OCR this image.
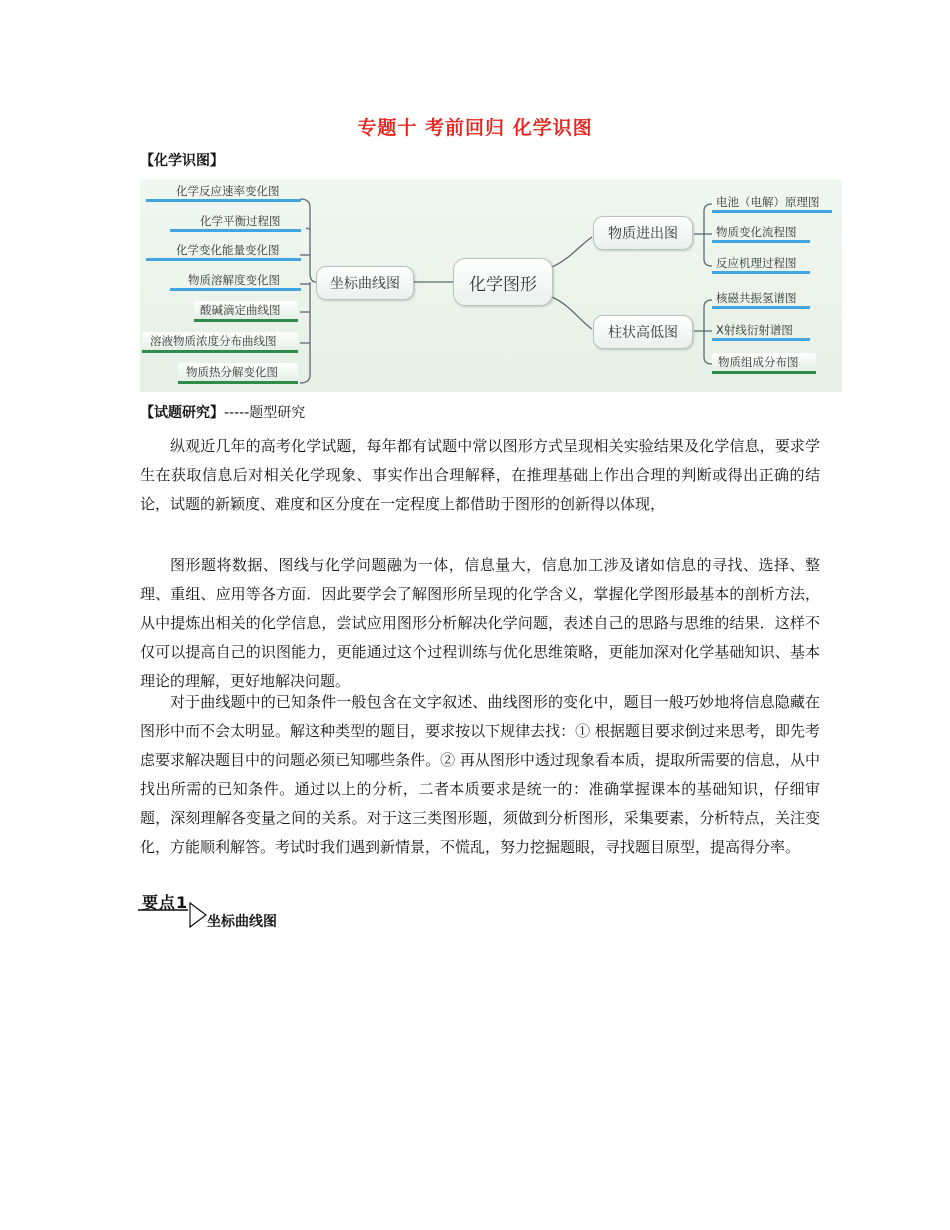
专题十 考前回归 化学识图
【化学识图】
化学图形
坐标曲线图
物质进出图
柱状高低图
化学反应速率变化图
化学平衡过程图
化学变化能量变化图
物质溶解度变化图
酸碱滴定曲线图
溶液物质浓度分布曲线图
物质热分解变化图
电池（电解）原理图
物质变化流程图
反应机理过程图
核磁共振氢谱图
X射线衍射谱图
物质组成分布图
【试题研究】-----题型研究
纵观近几年的高考化学试题，每年都有试题中常以图形方式呈现相关实验结果及化学信息，要求学生在获取信息后对相关化学现象、事实作出合理解释，在推理基础上作出合理的判断或得出正确的结论，试题的新颖度、难度和区分度在一定程度上都借助于图形的创新得以体现，
图形题将数据、图线与化学问题融为一体，信息量大，信息加工涉及诸如信息的寻找、选择、整理、重组、应用等各方面．因此要学会了解图形所呈现的化学含义，掌握化学图形最基本的剖析方法，从中提炼出相关的化学信息，尝试应用图形分析解决化学问题，表述自己的思路与思维的结果．这样不仅可以提高自己的识图能力，更能通过这个过程训练与优化思维策略，更能加深对化学基础知识、基本理论的理解，更好地解决问题。
对于曲线题中的已知条件一般包含在文字叙述、曲线图形的变化中，题目一般巧妙地将信息隐藏在图形中而不会太明显。解这种类型的题目，要求按以下规律去找：① 根据题目要求倒过来思考，即先考虑要求解决题目中的问题必须已知哪些条件。② 再从图形中透过现象看本质，提取所需要的信息，从中找出所需的已知条件。通过以上的分析，二者本质要求是统一的：准确掌握课本的基础知识，仔细审题，深刻理解各变量之间的关系。对于这三类图形题，须做到分析图形，采集要素，分析特点，关注变化，方能顺利解答。考试时我们遇到新情景，不慌乱，努力挖掘题眼，寻找题目原型，提高得分率。
要点1
坐标曲线图
